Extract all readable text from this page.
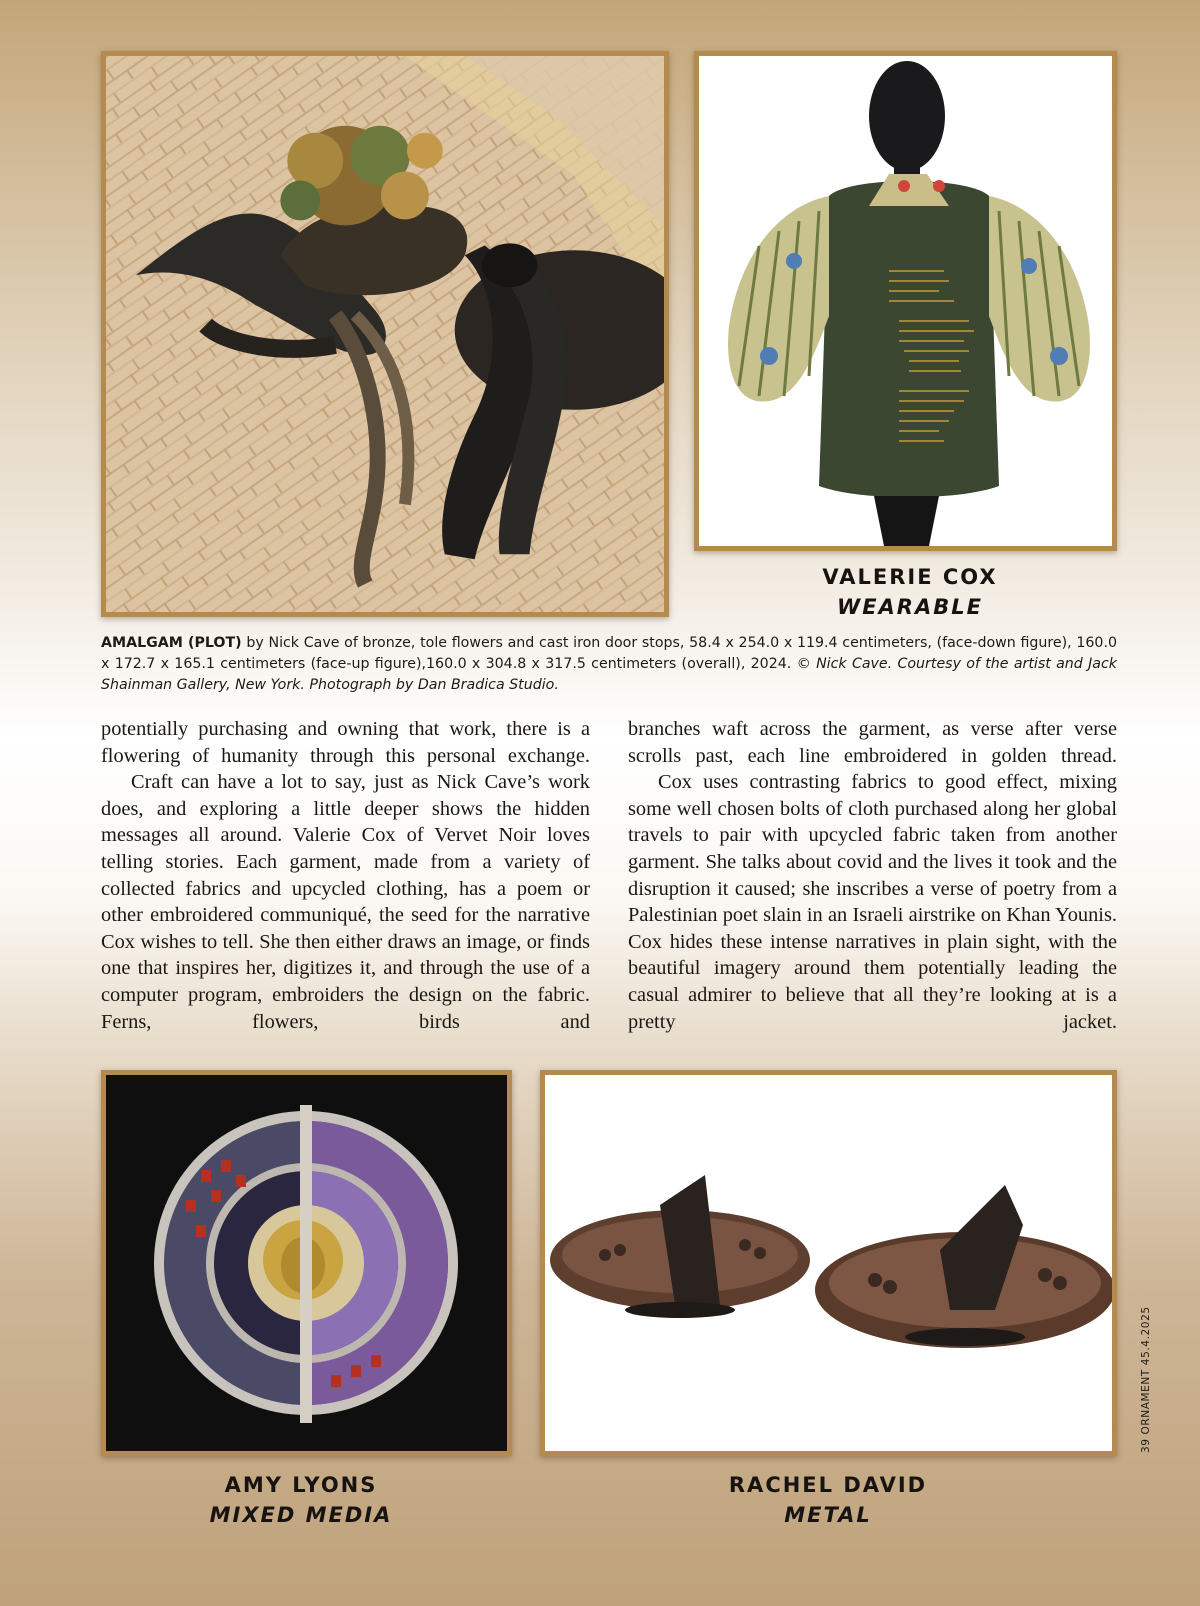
VALERIE COX
WEARABLE
AMALGAM (PLOT) by Nick Cave of bronze, tole flowers and cast iron door stops, 58.4 x 254.0 x 119.4 centimeters, (face-down figure), 160.0 x 172.7 x 165.1 centimeters (face-up figure),160.0 x 304.8 x 317.5 centimeters (overall), 2024. © Nick Cave. Courtesy of the artist and Jack Shainman Gallery, New York. Photograph by Dan Bradica Studio.

potentially purchasing and owning that work, there is a flowering of humanity through this personal exchange.

Craft can have a lot to say, just as Nick Cave’s work does, and exploring a little deeper shows the hidden messages all around. Valerie Cox of Vervet Noir loves telling stories. Each garment, made from a variety of collected fabrics and upcycled clothing, has a poem or other embroidered communiqué, the seed for the narrative Cox wishes to tell. She then either draws an image, or finds one that inspires her, digitizes it, and through the use of a computer program, embroiders the design on the fabric. Ferns, flowers, birds and

branches waft across the garment, as verse after verse scrolls past, each line embroidered in golden thread.

Cox uses contrasting fabrics to good effect, mixing some well chosen bolts of cloth purchased along her global travels to pair with upcycled fabric taken from another garment. She talks about covid and the lives it took and the disruption it caused; she inscribes a verse of poetry from a Palestinian poet slain in an Israeli airstrike on Khan Younis. Cox hides these intense narratives in plain sight, with the beautiful imagery around them potentially leading the casual admirer to believe that all they’re looking at is a pretty jacket.

AMY LYONS
MIXED MEDIA
RACHEL DAVID
METAL
39 ORNAMENT 45.4.2025
